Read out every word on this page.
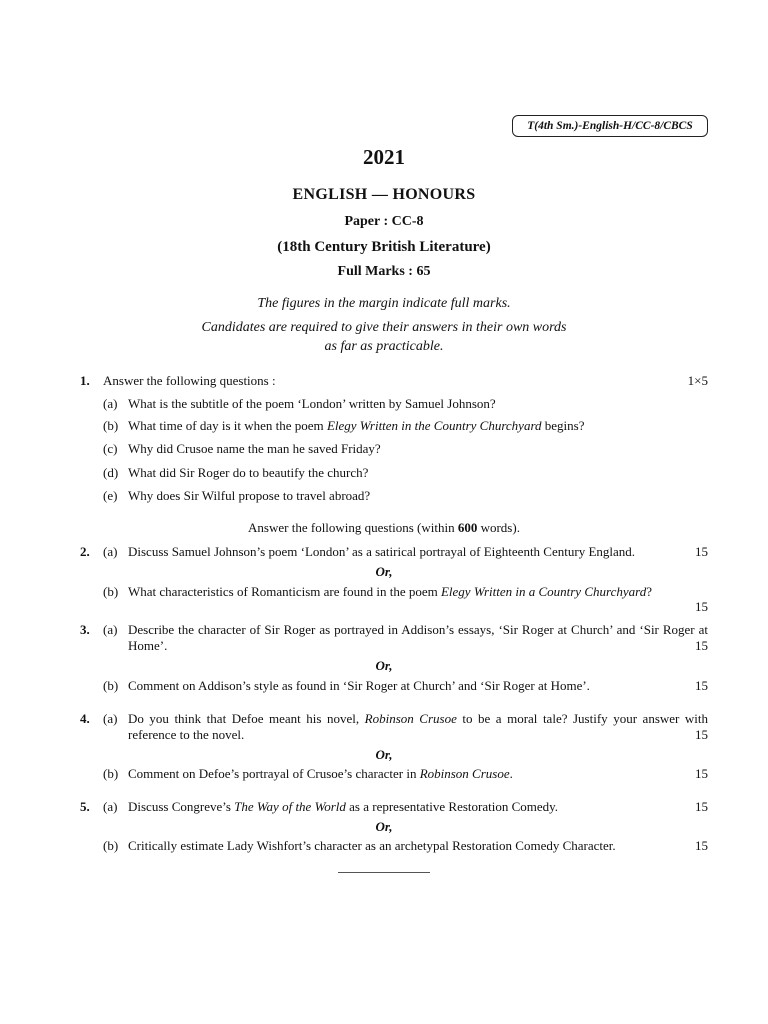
T(4th Sm.)-English-H/CC-8/CBCS
2021
ENGLISH — HONOURS
Paper : CC-8
(18th Century British Literature)
Full Marks : 65
The figures in the margin indicate full marks.
Candidates are required to give their answers in their own words
as far as practicable.
1. Answer the following questions :	1×5
(a) What is the subtitle of the poem ‘London’ written by Samuel Johnson?
(b) What time of day is it when the poem Elegy Written in the Country Churchyard begins?
(c) Why did Crusoe name the man he saved Friday?
(d) What did Sir Roger do to beautify the church?
(e) Why does Sir Wilful propose to travel abroad?
Answer the following questions (within 600 words).
2. (a) Discuss Samuel Johnson’s poem ‘London’ as a satirical portrayal of Eighteenth Century England.	15
Or,
(b) What characteristics of Romanticism are found in the poem Elegy Written in a Country Churchyard?
15
3. (a) Describe the character of Sir Roger as portrayed in Addison’s essays, ‘Sir Roger at Church’ and ‘Sir Roger at Home’.	15
Or,
(b) Comment on Addison’s style as found in ‘Sir Roger at Church’ and ‘Sir Roger at Home’.	15
4. (a) Do you think that Defoe meant his novel, Robinson Crusoe to be a moral tale? Justify your answer with reference to the novel.	15
Or,
(b) Comment on Defoe’s portrayal of Crusoe’s character in Robinson Crusoe.	15
5. (a) Discuss Congreve’s The Way of the World as a representative Restoration Comedy.	15
Or,
(b) Critically estimate Lady Wishfort’s character as an archetypal Restoration Comedy Character.	15
